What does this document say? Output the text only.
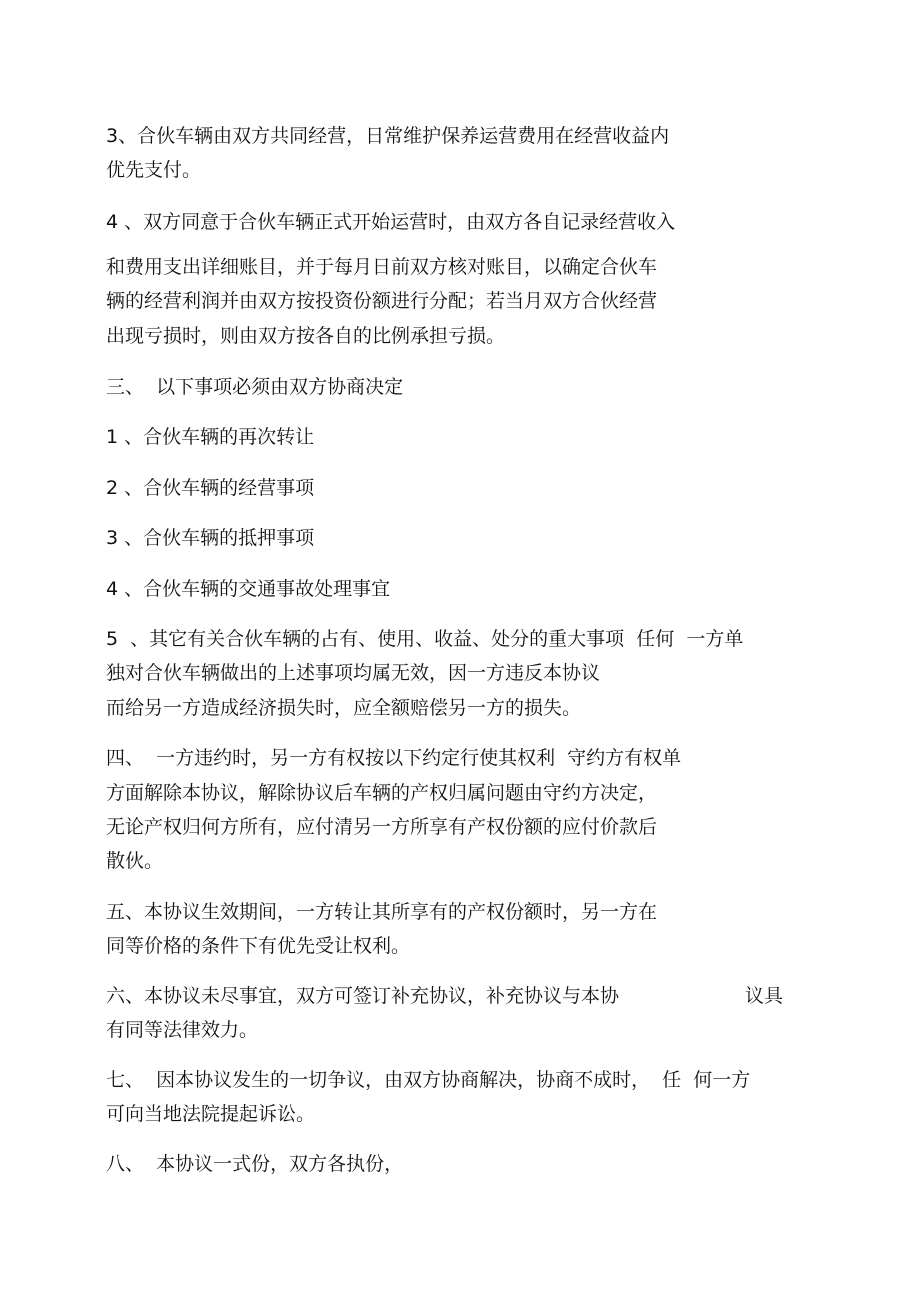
3、合伙车辆由双方共同经营，日常维护保养运营费用在经营收益内

优先支付。

4 、双方同意于合伙车辆正式开始运营时，由双方各自记录经营收入

和费用支出详细账目，并于每月日前双方核对账目，以确定合伙车

辆的经营利润并由双方按投资份额进行分配；若当月双方合伙经营

出现亏损时，则由双方按各自的比例承担亏损。

三、  以下事项必须由双方协商决定

1 、合伙车辆的再次转让

2 、合伙车辆的经营事项

3 、合伙车辆的抵押事项

4 、合伙车辆的交通事故处理事宜

5  、其它有关合伙车辆的占有、使用、收益、处分的重大事项  任何  一方单

独对合伙车辆做出的上述事项均属无效，因一方违反本协议

而给另一方造成经济损失时，应全额赔偿另一方的损失。

四、  一方违约时，另一方有权按以下约定行使其权利  守约方有权单

方面解除本协议，解除协议后车辆的产权归属问题由守约方决定，

无论产权归何方所有，应付清另一方所享有产权份额的应付价款后

散伙。

五、本协议生效期间，一方转让其所享有的产权份额时，另一方在

同等价格的条件下有优先受让权利。

六、本协议未尽事宜，双方可签订补充协议，补充协议与本协	议具

有同等法律效力。

七、  因本协议发生的一切争议，由双方协商解决，协商不成时，  任  何一方

可向当地法院提起诉讼。

八、  本协议一式份，双方各执份，
